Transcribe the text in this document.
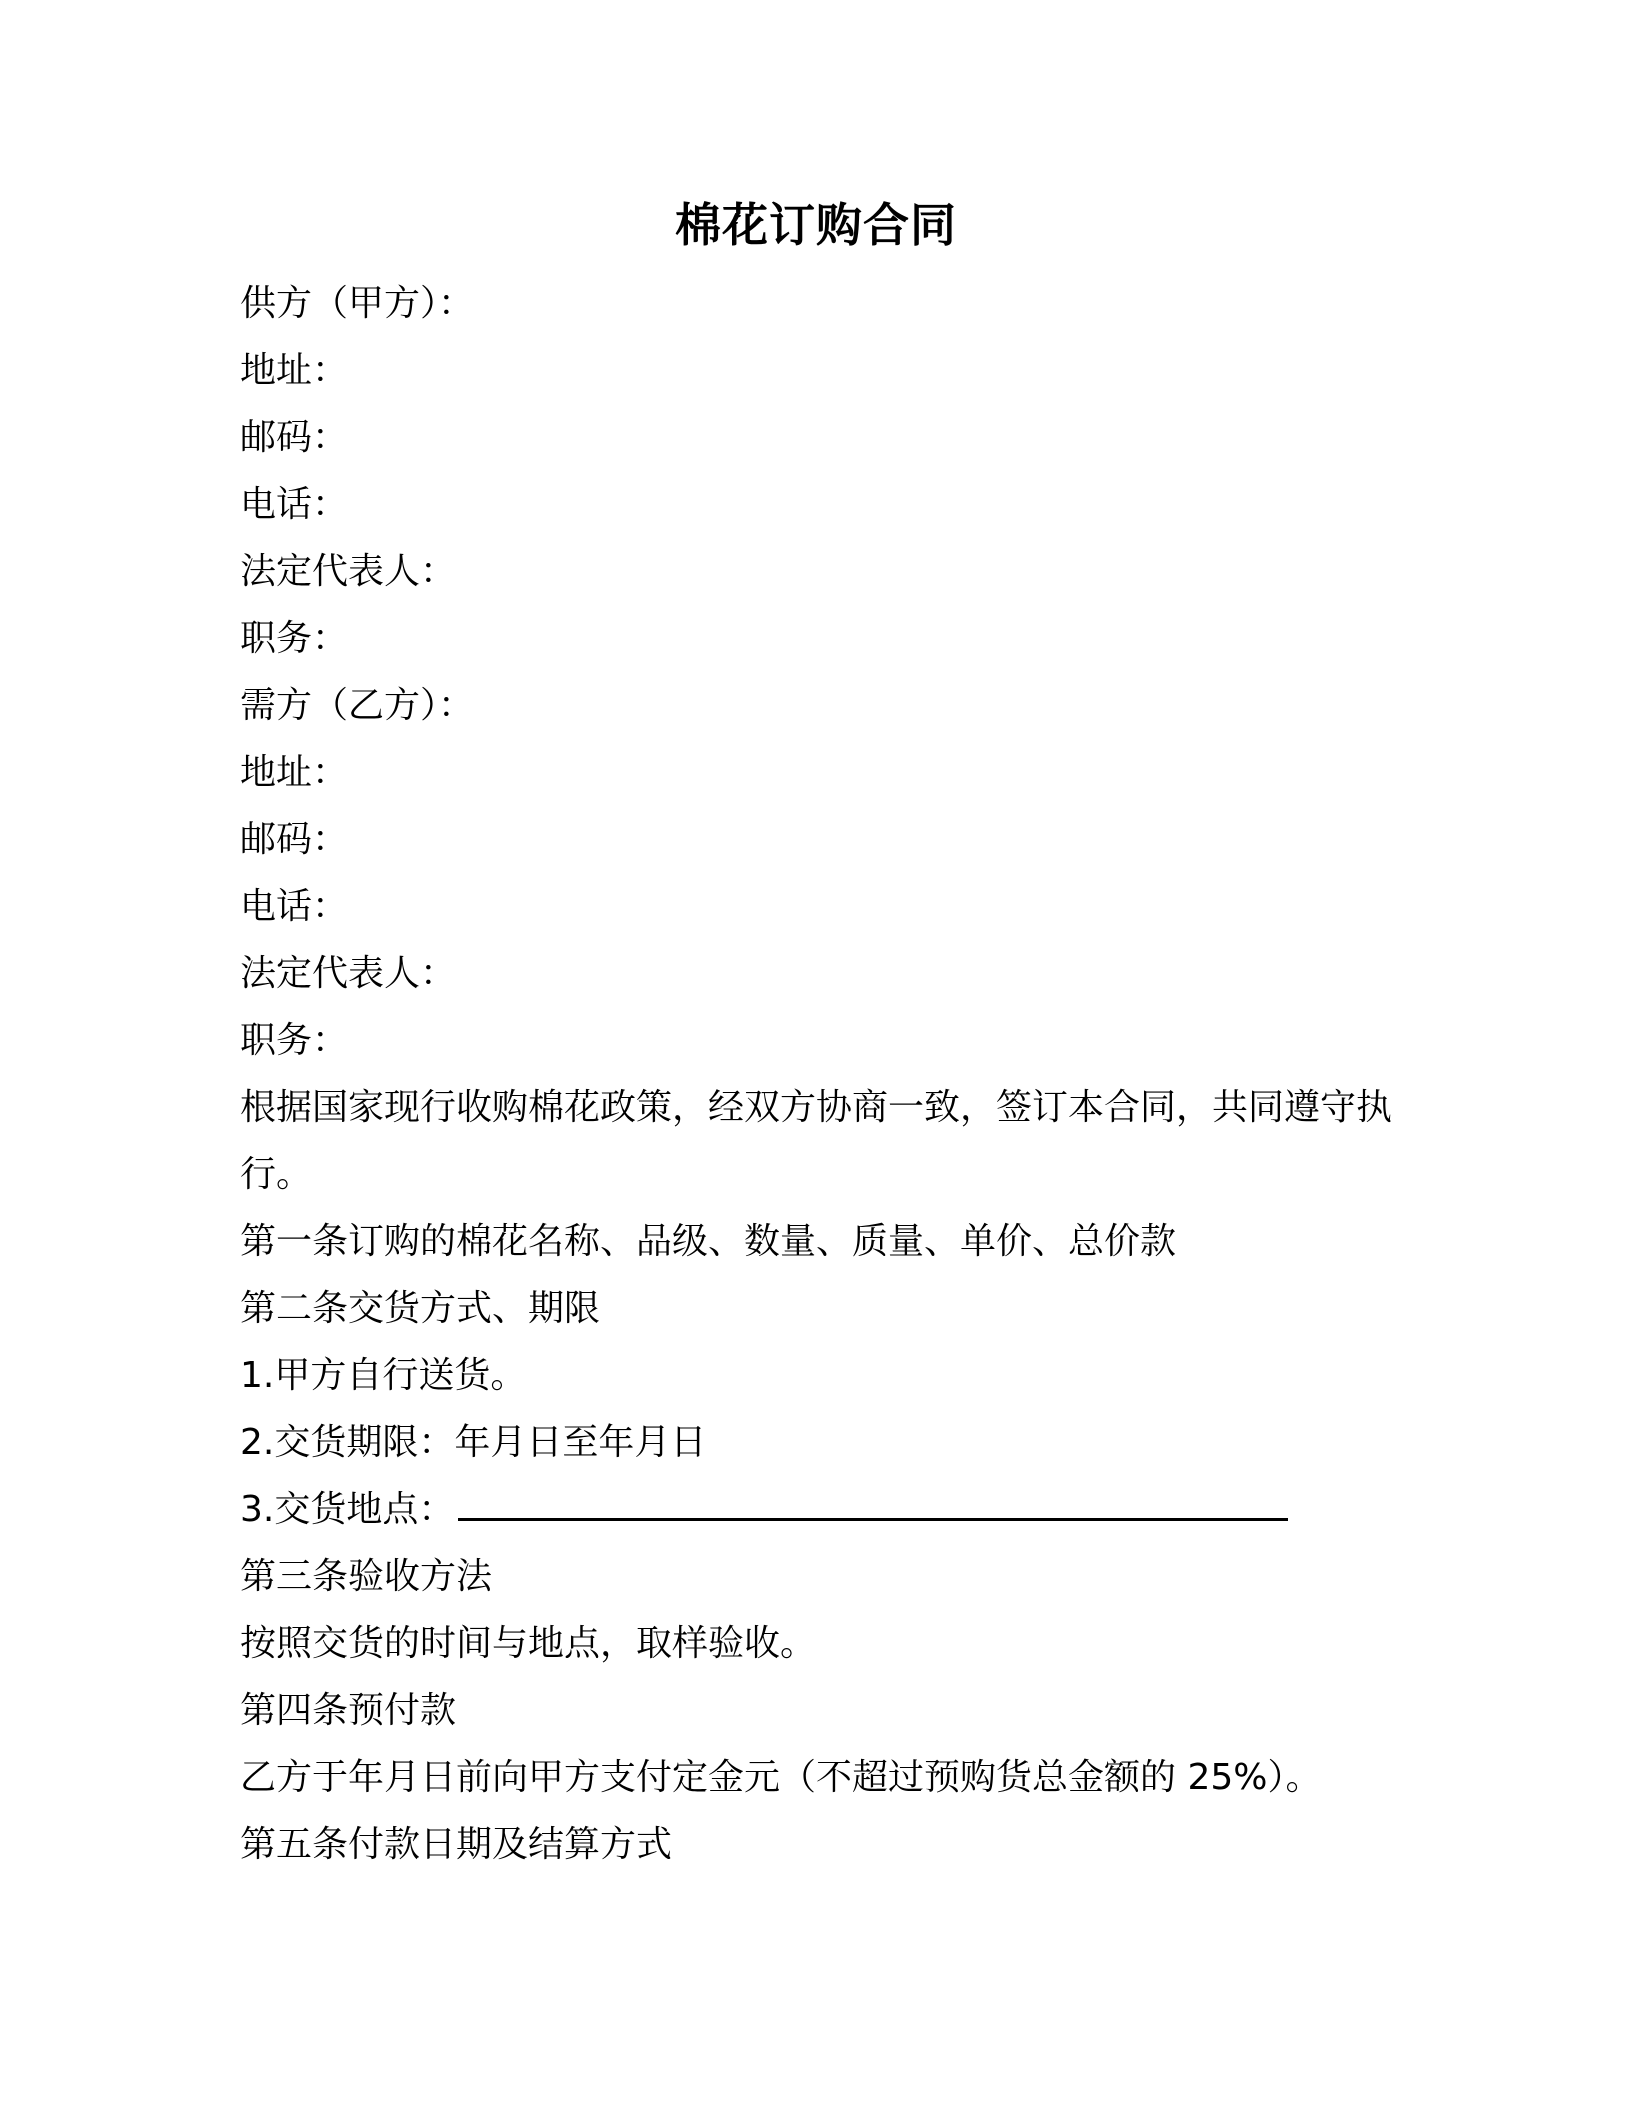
棉花订购合同
供方（甲方）：
地址：
邮码：
电话：
法定代表人：
职务：
需方（乙方）：
地址：
邮码：
电话：
法定代表人：
职务：
根据国家现行收购棉花政策，经双方协商一致，签订本合同，共同遵守执行。
第一条订购的棉花名称、品级、数量、质量、单价、总价款
第二条交货方式、期限
1.甲方自行送货。
2.交货期限：年月日至年月日
3.交货地点：
第三条验收方法
按照交货的时间与地点，取样验收。
第四条预付款
乙方于年月日前向甲方支付定金元（不超过预购货总金额的 25%）。
第五条付款日期及结算方式
